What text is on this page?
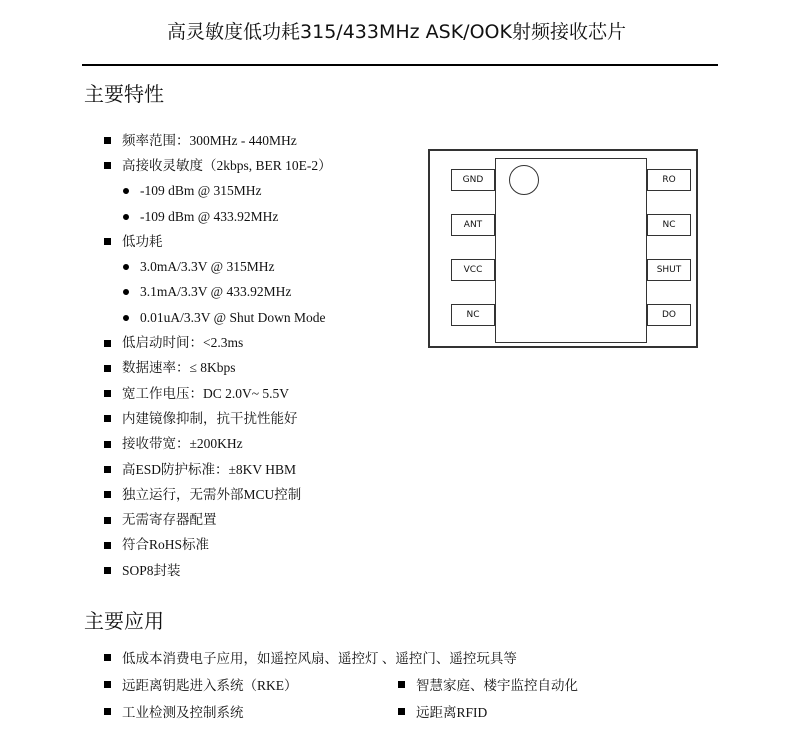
高灵敏度低功耗315/433MHz ASK/OOK射频接收芯片
主要特性
频率范围：300MHz - 440MHz
高接收灵敏度（2kbps, BER 10E-2）
-109 dBm @ 315MHz
-109 dBm @ 433.92MHz
低功耗
3.0mA/3.3V @ 315MHz
3.1mA/3.3V @ 433.92MHz
0.01uA/3.3V @ Shut Down Mode
低启动时间：<2.3ms
数据速率：≤ 8Kbps
宽工作电压：DC 2.0V~ 5.5V
内建镜像抑制，抗干扰性能好
接收带宽：±200KHz
高ESD防护标准：±8KV HBM
独立运行，无需外部MCU控制
无需寄存器配置
符合RoHS标准
SOP8封装
GND
ANT
VCC
NC
RO
NC
SHUT
DO
主要应用
低成本消费电子应用，如遥控风扇、遥控灯 、遥控门、遥控玩具等
远距离钥匙进入系统（RKE）	智慧家庭、楼宇监控自动化
工业检测及控制系统	远距离RFID
